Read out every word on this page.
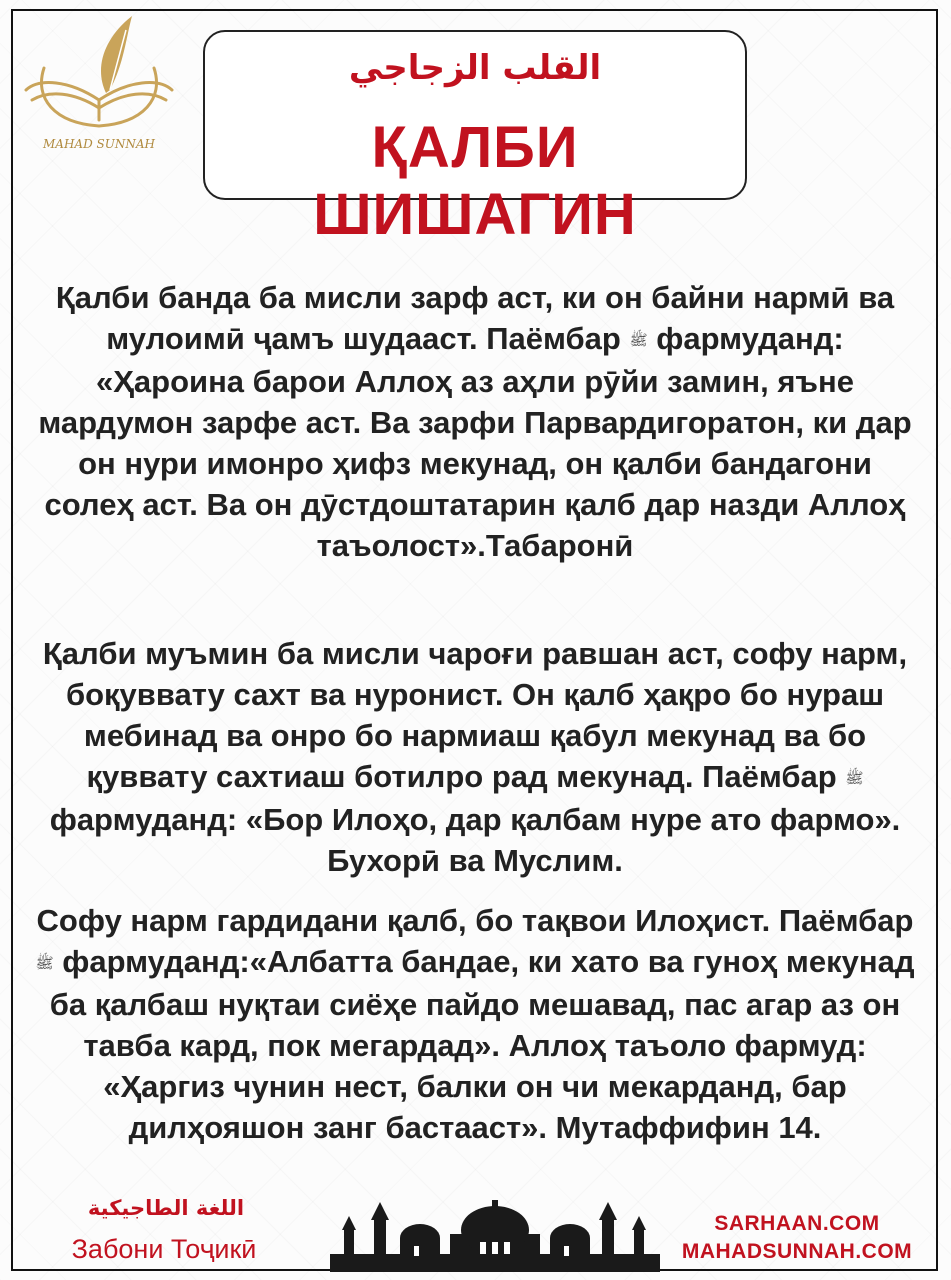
MAHAD SUNNAH
القلب الزجاجي
ҚАЛБИ ШИШАГИН

Қалби банда ба мисли зарф аст, ки он байни нармӣ ва мулоимӣ ҷамъ шудааст. Паёмбар ﷺ фармуданд: «Ҳароина барои Аллоҳ аз аҳли рӯйи замин, яъне мардумон зарфе аст. Ва зарфи Парвардигоратон, ки дар он нури имонро ҳифз мекунад, он қалби бандагони солеҳ аст. Ва он дӯстдоштатарин қалб дар назди Аллоҳ таъолост».Табаронӣ

Қалби муъмин ба мисли чароғи равшан аст, софу нарм, боқуввату сахт ва нуронист. Он қалб ҳақро бо нураш мебинад ва онро бо нармиаш қабул мекунад ва бо қуввату сахтиаш ботилро рад мекунад. Паёмбар ﷺ фармуданд: «Бор Илоҳо, дар қалбам нуре ато фармо». Бухорӣ ва Муслим.

Софу нарм гардидани қалб, бо тақвои Илоҳист. Паёмбарﷺ фармуданд:«Албатта бандае, ки хато ва гуноҳ мекунад ба қалбаш нуқтаи сиёҳе пайдо мешавад, пас агар аз он тавба кард, пок мегардад». Аллоҳ таъоло фармуд: «Ҳаргиз чунин нест, балки он чи мекарданд, бар дилҳояшон занг бастааст». Мутаффифин 14.

اللغة الطاجيكية
Забони Тоҷикӣ
SARHAAN.COM
MAHADSUNNAH.COM
